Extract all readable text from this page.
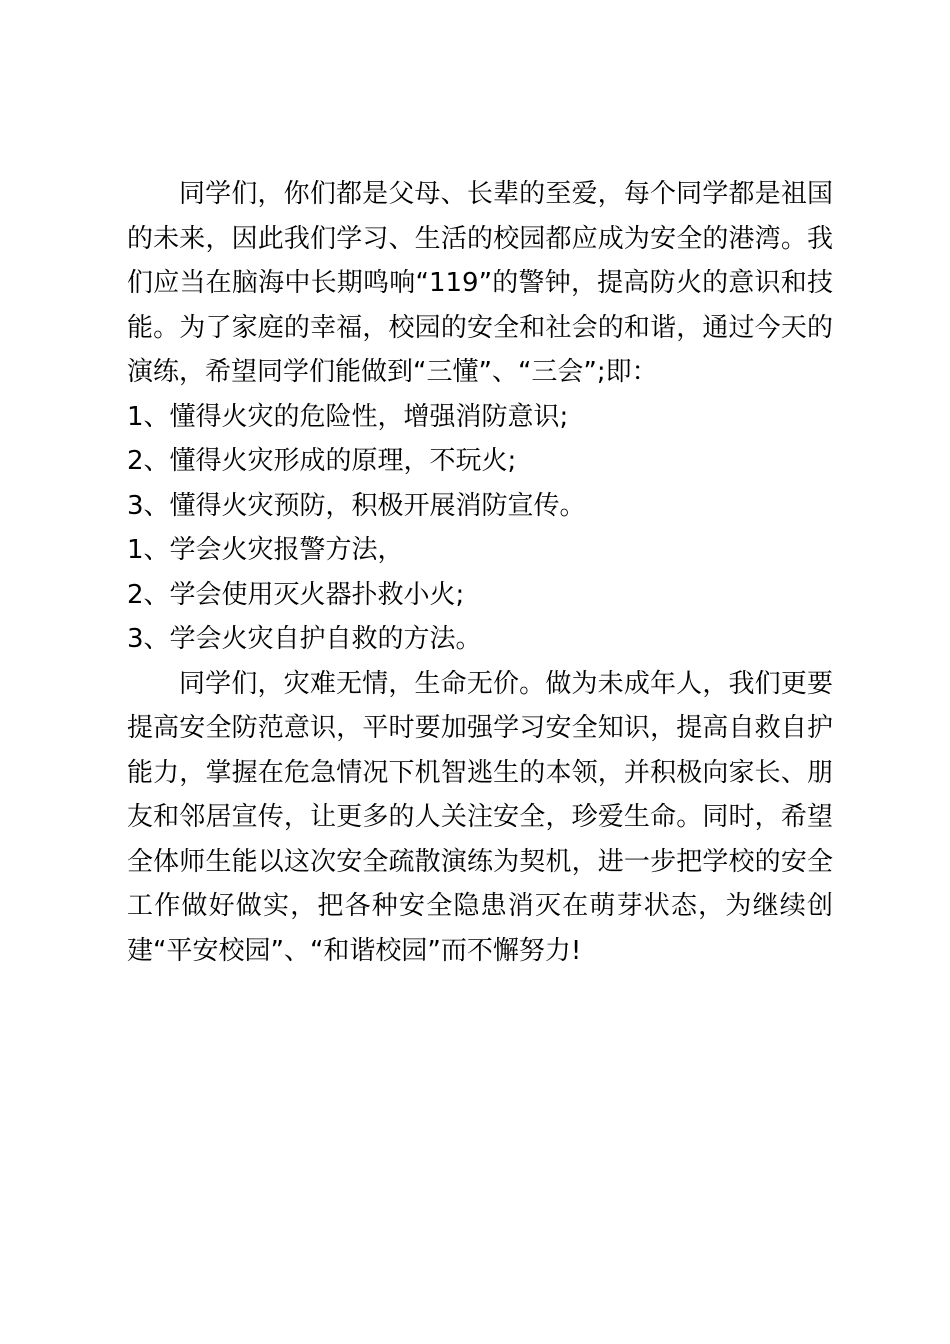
同学们，你们都是父母、长辈的至爱，每个同学都是祖国的未来，因此我们学习、生活的校园都应成为安全的港湾。我们应当在脑海中长期鸣响“119”的警钟，提高防火的意识和技能。为了家庭的幸福，校园的安全和社会的和谐，通过今天的演练，希望同学们能做到“三懂”、“三会”;即：

1、懂得火灾的危险性，增强消防意识;

2、懂得火灾形成的原理，不玩火;

3、懂得火灾预防，积极开展消防宣传。

1、学会火灾报警方法，

2、学会使用灭火器扑救小火;

3、学会火灾自护自救的方法。

同学们，灾难无情，生命无价。做为未成年人，我们更要提高安全防范意识，平时要加强学习安全知识，提高自救自护能力，掌握在危急情况下机智逃生的本领，并积极向家长、朋友和邻居宣传，让更多的人关注安全，珍爱生命。同时，希望全体师生能以这次安全疏散演练为契机，进一步把学校的安全工作做好做实，把各种安全隐患消灭在萌芽状态，为继续创建“平安校园”、“和谐校园”而不懈努力!
